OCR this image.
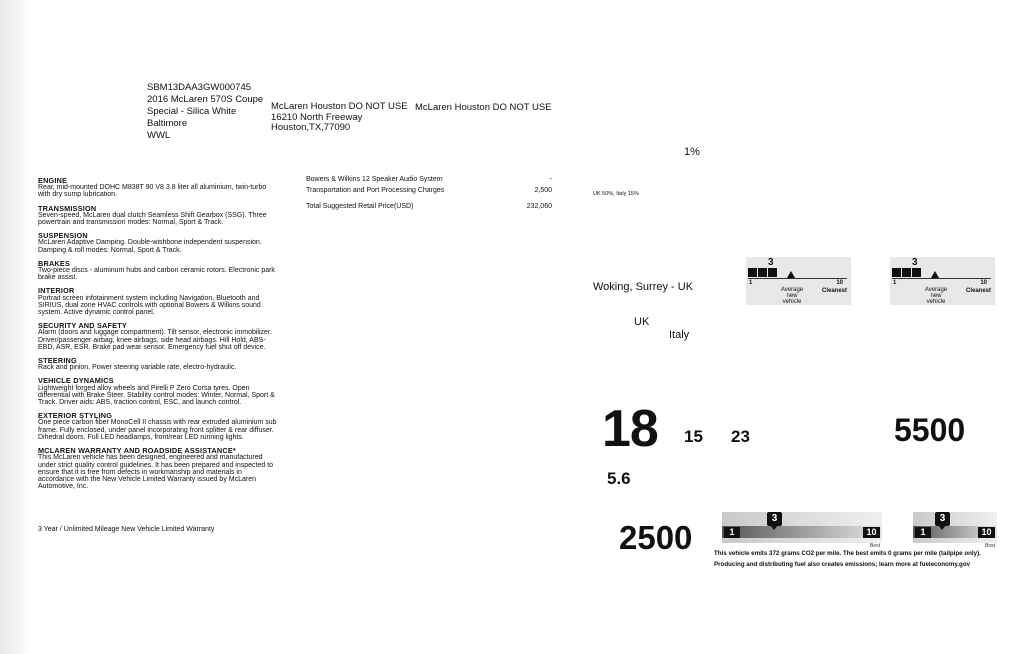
SBM13DAA3GW000745
2016 McLaren 570S Coupe
Special - Silica White
Baltimore
WWL
McLaren Houston DO NOT USE
16210 North Freeway
Houston,TX,77090
McLaren Houston DO NOT USE
ENGINE

Rear, mid-mounted DOHC M838T 90 V8 3.8 liter all aluminium, twin-turbo with dry sump lubrication.

TRANSMISSION

Seven-speed, McLaren dual clutch Seamless Shift Gearbox (SSG). Three powertrain and transmission modes: Normal, Sport & Track.

SUSPENSION

McLaren Adaptive Damping. Double-wishbone independent suspension. Damping & roll modes: Normal, Sport & Track.

BRAKES

Two-piece discs - aluminum hubs and carbon ceramic rotors. Electronic park brake assist.

INTERIOR

Portrait screen infotainment system including Navigation, Bluetooth and SIRIUS, dual zone HVAC controls with optional Bowers & Wilkins sound system. Active dynamic control panel.

SECURITY AND SAFETY

Alarm (doors and luggage compartment). Tilt sensor, electronic immobilizer. Driver/passenger airbag, knee airbags, side head airbags. Hill Hold, ABS-EBD, ASR, ESR. Brake pad wear sensor. Emergency fuel shut off device.

STEERING

Rack and pinion. Power steering variable rate, electro-hydraulic.

VEHICLE DYNAMICS

Lightweight forged alloy wheels and Pirelli P Zero Corsa tyres. Open differential with Brake Steer. Stability control modes: Winter, Normal, Sport & Track. Driver aids: ABS, traction control, ESC, and launch control.

EXTERIOR STYLING

One piece carbon fiber MonoCell II chassis with rear extruded aluminium sub frame. Fully enclosed, under panel incorporating front splitter & rear diffuser. Dihedral doors. Full LED headlamps, front/rear LED running lights.

MCLAREN WARRANTY AND ROADSIDE ASSISTANCE*

This McLaren vehicle has been designed, engineered and manufactured under strict quality control guidelines. It has been prepared and inspected to ensure that it is free from defects in workmanship and materials in accordance with the New Vehicle Limited Warranty issued by McLaren Automotive, Inc.

3 Year / Unlimited Mileage New Vehicle Limited Warranty
Bowers & Wilkins 12 Speaker Audio System	-
Transportation and Port Processing Charges	2,500
Total Suggested Retail Price(USD)	232,060
1%
UK 50%, Italy 15%
Woking, Surrey - UK
UK
Italy
3
1	10
Average new vehicle
Cleanest
3
1	10
Average new vehicle
Cleanest
18 15 23	5500
5.6
2500	1	10
3
Best
1	10
3
Best
This vehicle emits 372 grams CO2 per mile. The best emits 0 grams per mile (tailpipe only). Producing and distributing fuel also creates emissions; learn more at fueleconomy.gov
